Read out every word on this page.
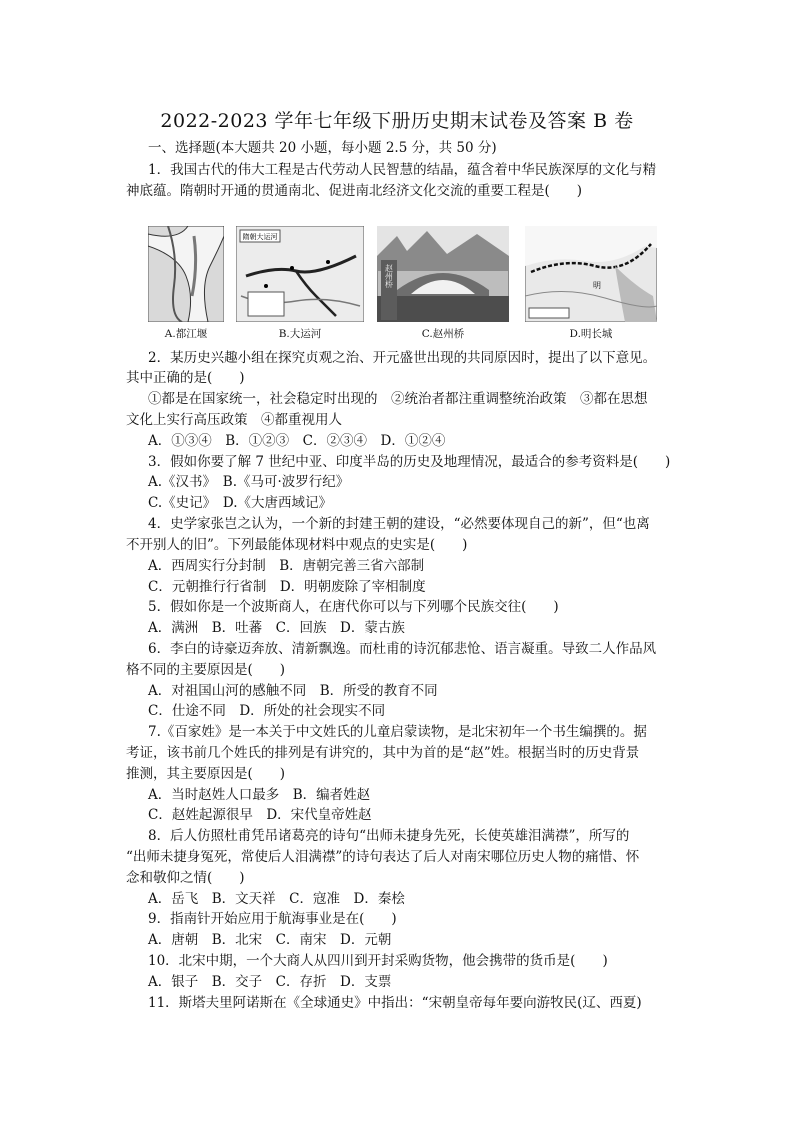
2022-2023 学年七年级下册历史期末试卷及答案 B 卷
一、选择题(本大题共 20 小题，每小题 2.5 分，共 50 分)
1．我国古代的伟大工程是古代劳动人民智慧的结晶，蕴含着中华民族深厚的文化与精
神底蕴。隋朝时开通的贯通南北、促进南北经济文化交流的重要工程是(　　)
A.都江堰
隋朝大运河
B.大运河
赵州桥
C.赵州桥
明
D.明长城
2．某历史兴趣小组在探究贞观之治、开元盛世出现的共同原因时，提出了以下意见。
其中正确的是(　　)
①都是在国家统一，社会稳定时出现的　②统治者都注重调整统治政策　③都在思想
文化上实行高压政策　④都重视用人
A．①③④　B．①②③　C．②③④　D．①②④
3．假如你要了解 7 世纪中亚、印度半岛的历史及地理情况，最适合的参考资料是(　　)
A.《汉书》　B.《马可·波罗行纪》
C.《史记》　D.《大唐西域记》
4．史学家张岂之认为，一个新的封建王朝的建设，“必然要体现自己的新”，但“也离
不开别人的旧”。下列最能体现材料中观点的史实是(　　)
A．西周实行分封制　B．唐朝完善三省六部制
C．元朝推行行省制　D．明朝废除了宰相制度
5．假如你是一个波斯商人，在唐代你可以与下列哪个民族交往(　　)
A．满洲　B．吐蕃　C．回族　D．蒙古族
6．李白的诗豪迈奔放、清新飘逸。而杜甫的诗沉郁悲怆、语言凝重。导致二人作品风
格不同的主要原因是(　　)
A．对祖国山河的感触不同　B．所受的教育不同
C．仕途不同　D．所处的社会现实不同
7.《百家姓》是一本关于中文姓氏的儿童启蒙读物，是北宋初年一个书生编撰的。据
考证，该书前几个姓氏的排列是有讲究的，其中为首的是“赵”姓。根据当时的历史背景
推测，其主要原因是(　　)
A．当时赵姓人口最多　B．编者姓赵
C．赵姓起源很早　D．宋代皇帝姓赵
8．后人仿照杜甫凭吊诸葛亮的诗句“出师未捷身先死，长使英雄泪满襟”，所写的
“出师未捷身冤死，常使后人泪满襟”的诗句表达了后人对南宋哪位历史人物的痛惜、怀
念和敬仰之情(　　)
A．岳飞　B．文天祥　C．寇准　D．秦桧
9．指南针开始应用于航海事业是在(　　)
A．唐朝　B．北宋　C．南宋　D．元朝
10．北宋中期，一个大商人从四川到开封采购货物，他会携带的货币是(　　)
A．银子　B．交子　C．存折　D．支票
11．斯塔夫里阿诺斯在《全球通史》中指出：“宋朝皇帝每年要向游牧民(辽、西夏)
